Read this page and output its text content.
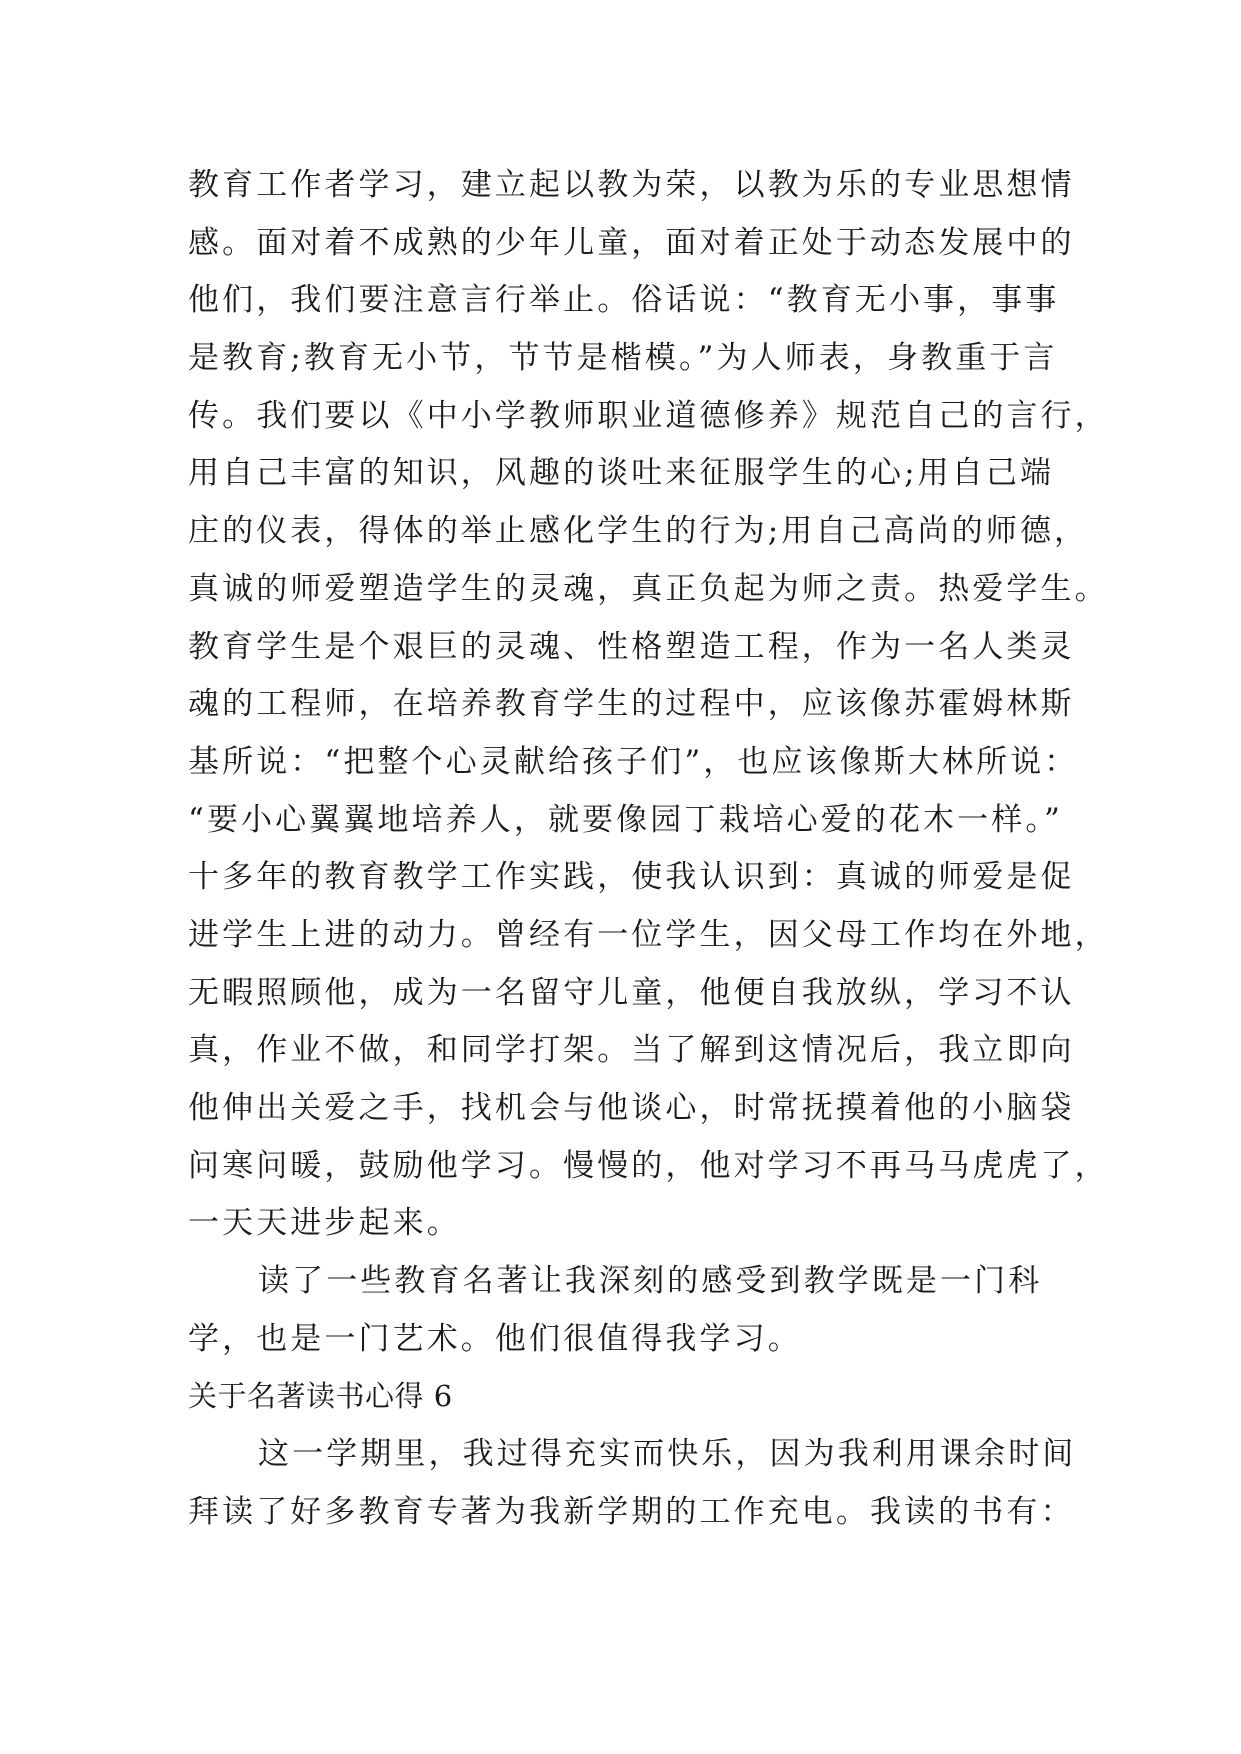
教育工作者学习，建立起以教为荣，以教为乐的专业思想情
感。面对着不成熟的少年儿童，面对着正处于动态发展中的
他们，我们要注意言行举止。俗话说：“教育无小事，事事
是教育;教育无小节，节节是楷模。”为人师表，身教重于言
传。我们要以《中小学教师职业道德修养》规范自己的言行，
用自己丰富的知识，风趣的谈吐来征服学生的心;用自己端
庄的仪表，得体的举止感化学生的行为;用自己高尚的师德，
真诚的师爱塑造学生的灵魂，真正负起为师之责。热爱学生。
教育学生是个艰巨的灵魂、性格塑造工程，作为一名人类灵
魂的工程师，在培养教育学生的过程中，应该像苏霍姆林斯
基所说：“把整个心灵献给孩子们”，也应该像斯大林所说：
“要小心翼翼地培养人，就要像园丁栽培心爱的花木一样。”
十多年的教育教学工作实践，使我认识到：真诚的师爱是促
进学生上进的动力。曾经有一位学生，因父母工作均在外地，
无暇照顾他，成为一名留守儿童，他便自我放纵，学习不认
真，作业不做，和同学打架。当了解到这情况后，我立即向
他伸出关爱之手，找机会与他谈心，时常抚摸着他的小脑袋
问寒问暖，鼓励他学习。慢慢的，他对学习不再马马虎虎了，
一天天进步起来。
读了一些教育名著让我深刻的感受到教学既是一门科
学，也是一门艺术。他们很值得我学习。
关于名著读书心得 6
这一学期里，我过得充实而快乐，因为我利用课余时间
拜读了好多教育专著为我新学期的工作充电。我读的书有：
